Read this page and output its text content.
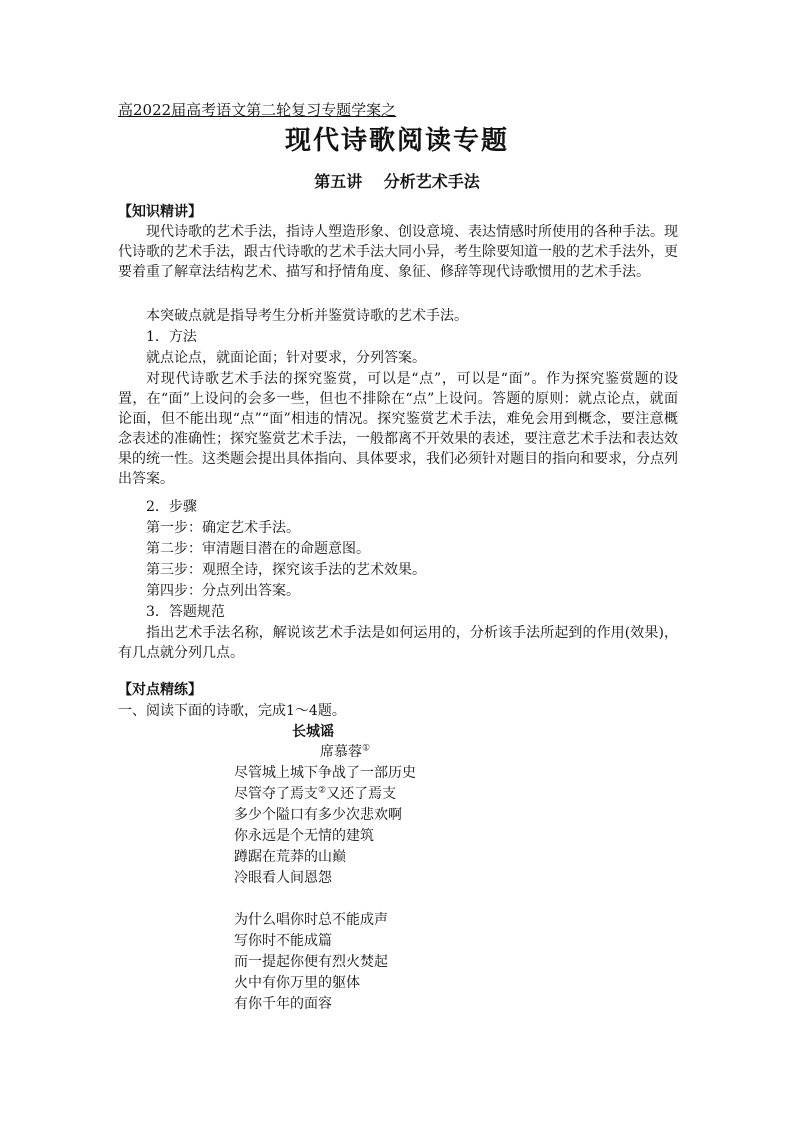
高2022届高考语文第二轮复习专题学案之
现代诗歌阅读专题
第五讲　 分析艺术手法
【知识精讲】
现代诗歌的艺术手法，指诗人塑造形象、创设意境、表达情感时所使用的各种手法。现代诗歌的艺术手法，跟古代诗歌的艺术手法大同小异，考生除要知道一般的艺术手法外，更要着重了解章法结构艺术、描写和抒情角度、象征、修辞等现代诗歌惯用的艺术手法。
本突破点就是指导考生分析并鉴赏诗歌的艺术手法。
1．方法
就点论点，就面论面；针对要求，分列答案。
对现代诗歌艺术手法的探究鉴赏，可以是“点”，可以是“面”。作为探究鉴赏题的设置，在“面”上设问的会多一些，但也不排除在“点”上设问。答题的原则：就点论点，就面论面，但不能出现“点”“面”相违的情况。探究鉴赏艺术手法，难免会用到概念，要注意概念表述的准确性；探究鉴赏艺术手法，一般都离不开效果的表述，要注意艺术手法和表达效果的统一性。这类题会提出具体指向、具体要求，我们必须针对题目的指向和要求，分点列出答案。
2．步骤
第一步：确定艺术手法。
第二步：审清题目潜在的命题意图。
第三步：观照全诗，探究该手法的艺术效果。
第四步：分点列出答案。
3．答题规范
指出艺术手法名称，解说该艺术手法是如何运用的，分析该手法所起到的作用(效果)，有几点就分列几点。
【对点精练】
一、阅读下面的诗歌，完成1～4题。
长城谣
席慕蓉①
尽管城上城下争战了一部历史
尽管夺了焉支②又还了焉支
多少个隘口有多少次悲欢啊
你永远是个无情的建筑
蹲踞在荒莽的山巅
冷眼看人间恩怨
为什么唱你时总不能成声
写你时不能成篇
而一提起你便有烈火焚起
火中有你万里的躯体
有你千年的面容
